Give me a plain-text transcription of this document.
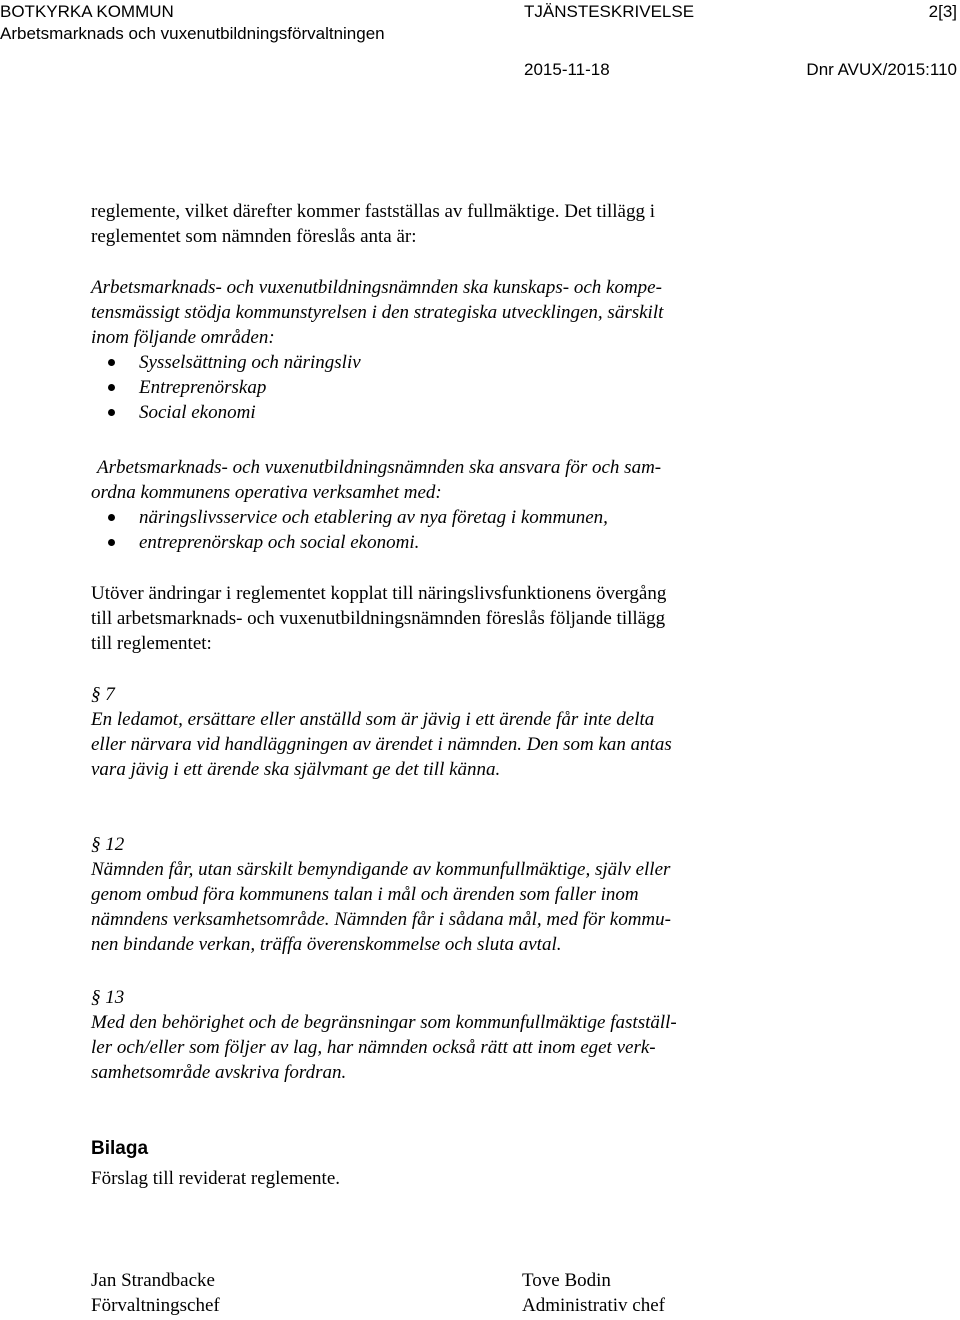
BOTKYRKA KOMMUN	TJÄNSTESKRIVELSE	2[3]
Arbetsmarknads och vuxenutbildningsförvaltningen
2015-11-18	Dnr AVUX/2015:110
reglemente, vilket därefter kommer fastställas av fullmäktige. Det tillägg i
reglementet som nämnden föreslås anta är:
Arbetsmarknads- och vuxenutbildningsnämnden ska kunskaps- och kompe-
tensmässigt stödja kommunstyrelsen i den strategiska utvecklingen, särskilt
inom följande områden:
Sysselsättning och näringsliv
Entreprenörskap
Social ekonomi
Arbetsmarknads- och vuxenutbildningsnämnden ska ansvara för och sam-
ordna kommunens operativa verksamhet med:
näringslivsservice och etablering av nya företag i kommunen,
entreprenörskap och social ekonomi.
Utöver ändringar i reglementet kopplat till näringslivsfunktionens övergång
till arbetsmarknads- och vuxenutbildningsnämnden föreslås följande tillägg
till reglementet:
§ 7
En ledamot, ersättare eller anställd som är jävig i ett ärende får inte delta
eller närvara vid handläggningen av ärendet i nämnden. Den som kan antas
vara jävig i ett ärende ska självmant ge det till känna.
§ 12
Nämnden får, utan särskilt bemyndigande av kommunfullmäktige, själv eller
genom ombud föra kommunens talan i mål och ärenden som faller inom
nämndens verksamhetsområde. Nämnden får i sådana mål, med för kommu-
nen bindande verkan, träffa överenskommelse och sluta avtal.
§ 13
Med den behörighet och de begränsningar som kommunfullmäktige fastställ-
ler och/eller som följer av lag, har nämnden också rätt att inom eget verk-
samhetsområde avskriva fordran.
Bilaga
Förslag till reviderat reglemente.
Jan Strandbacke
Förvaltningschef
Tove Bodin
Administrativ chef
